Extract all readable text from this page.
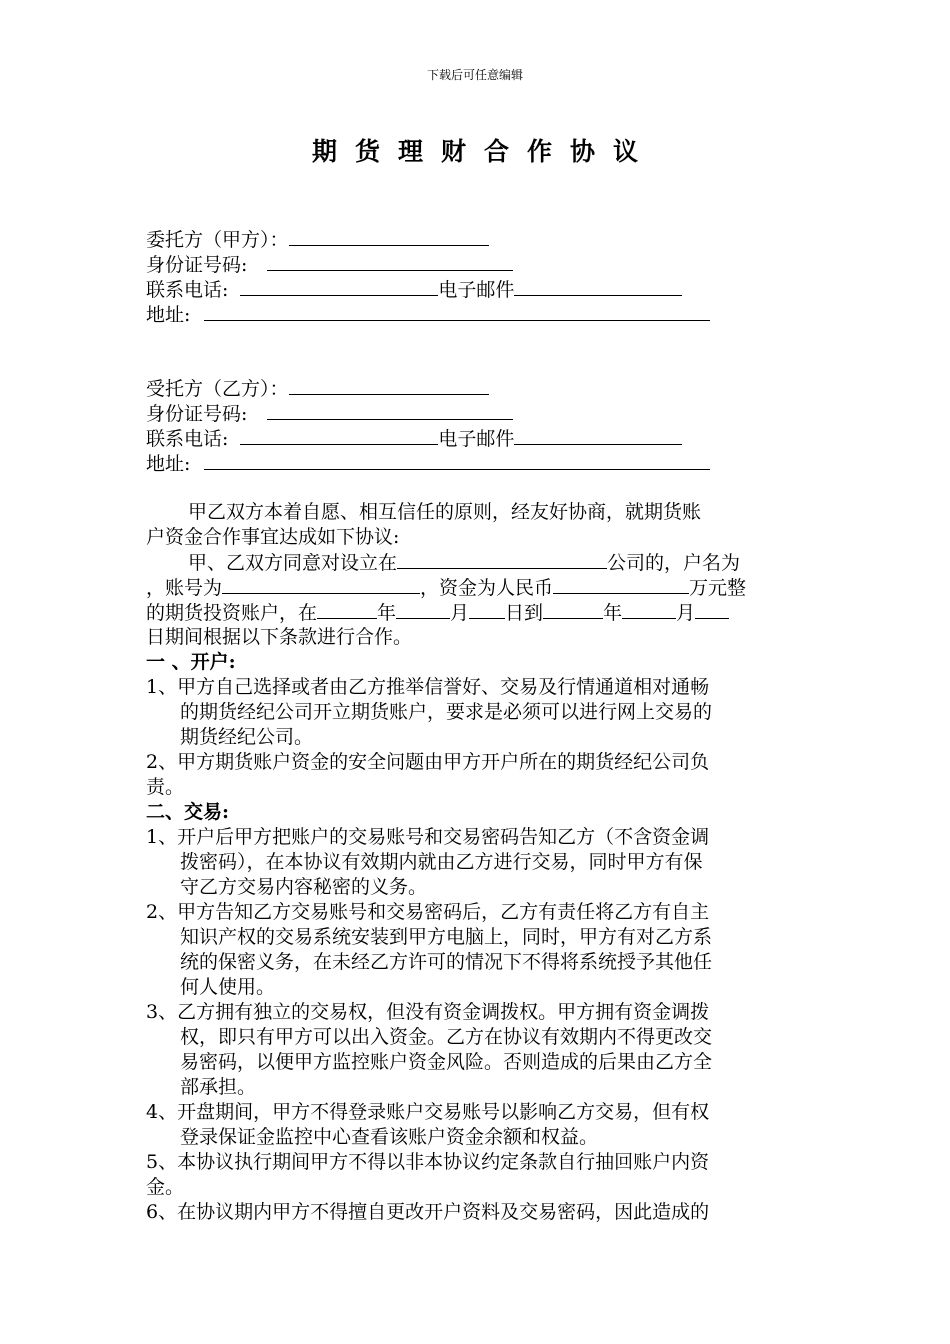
下载后可任意编辑
期货理财合作协议
委托方（甲方）：
身份证号码:
联系电话:	电子邮件
地址:
受托方（乙方）：
身份证号码:
联系电话:	电子邮件
地址:
甲乙双方本着自愿、相互信任的原则，经友好协商，就期货账
户资金合作事宜达成如下协议:
甲、乙双方同意对设立在	公司的，户名为
，账号为	，资金为人民币	万元整
的期货投资账户，在	年	月 日到	年	月
日期间根据以下条款进行合作。
一 、开户:
1、甲方自己选择或者由乙方推举信誉好、交易及行情通道相对通畅
的期货经纪公司开立期货账户，要求是必须可以进行网上交易的
期货经纪公司。
2、甲方期货账户资金的安全问题由甲方开户所在的期货经纪公司负
责。
二、交易:
1、开户后甲方把账户的交易账号和交易密码告知乙方（不含资金调
拨密码），在本协议有效期内就由乙方进行交易，同时甲方有保
守乙方交易内容秘密的义务。
2、甲方告知乙方交易账号和交易密码后，乙方有责任将乙方有自主
知识产权的交易系统安装到甲方电脑上，同时，甲方有对乙方系
统的保密义务，在未经乙方许可的情况下不得将系统授予其他任
何人使用。
3、乙方拥有独立的交易权，但没有资金调拨权。甲方拥有资金调拨
权，即只有甲方可以出入资金。乙方在协议有效期内不得更改交
易密码，以便甲方监控账户资金风险。否则造成的后果由乙方全
部承担。
4、开盘期间，甲方不得登录账户交易账号以影响乙方交易，但有权
登录保证金监控中心查看该账户资金余额和权益。
5、本协议执行期间甲方不得以非本协议约定条款自行抽回账户内资
金。
6、在协议期内甲方不得擅自更改开户资料及交易密码，因此造成的
